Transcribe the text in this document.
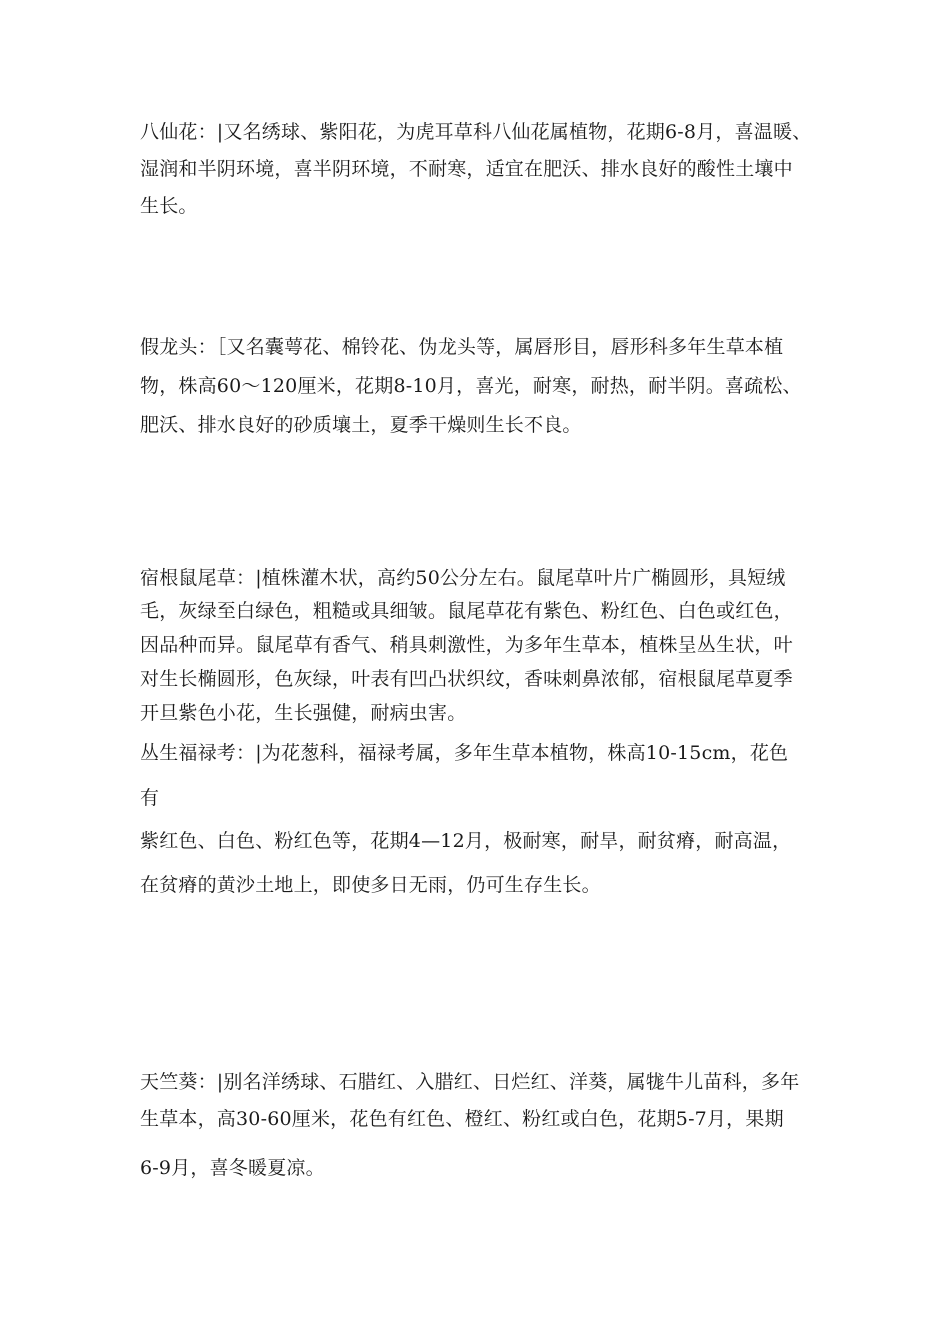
八仙花：|又名绣球、紫阳花，为虎耳草科八仙花属植物，花期6-8月，喜温暖、
湿润和半阴环境，喜半阴环境，不耐寒，适宜在肥沃、排水良好的酸性土壤中
生长。
假龙头：［又名囊萼花、棉铃花、伪龙头等，属唇形目，唇形科多年生草本植
物，株高60〜120厘米，花期8-10月，喜光，耐寒，耐热，耐半阴。喜疏松、
肥沃、排水良好的砂质壤土，夏季干燥则生长不良。
宿根鼠尾草：|植株灌木状，高约50公分左右。鼠尾草叶片广椭圆形，具短绒
毛，灰绿至白绿色，粗糙或具细皱。鼠尾草花有紫色、粉红色、白色或红色，
因品种而异。鼠尾草有香气、稍具刺激性，为多年生草本，植株呈丛生状，叶
对生长椭圆形，色灰绿，叶表有凹凸状织纹，香味刺鼻浓郁，宿根鼠尾草夏季
开旦紫色小花，生长强健，耐病虫害。
丛生福禄考：|为花葱科，福禄考属，多年生草本植物，株高10-15cm，花色
有
紫红色、白色、粉红色等，花期4—12月，极耐寒，耐旱，耐贫瘠，耐高温，
在贫瘠的黄沙土地上，即使多日无雨，仍可生存生长。
天竺葵：|别名洋绣球、石腊红、入腊红、日烂红、洋葵，属牻牛儿苗科，多年
生草本，高30-60厘米，花色有红色、橙红、粉红或白色，花期5-7月，果期
6-9月，喜冬暖夏凉。
